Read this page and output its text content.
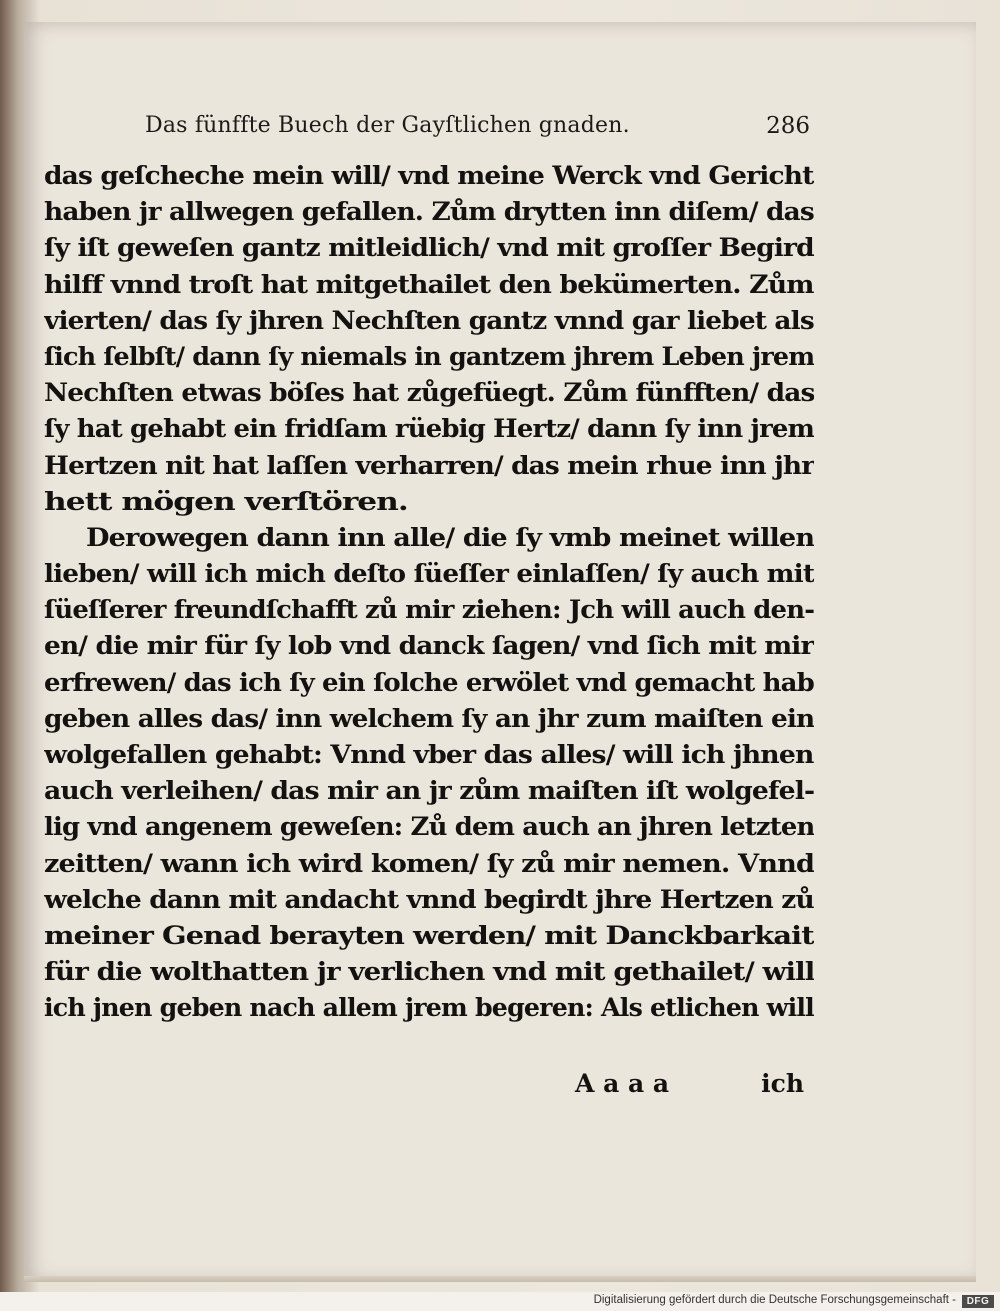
Das fünffte Buech der Gayſtlichen gnaden.	286
das geſcheche mein will/ vnd meine Werck vnd Gericht
haben jr allwegen gefallen. Zům drytten inn diſem/ das
ſy iſt geweſen gantz mitleidlich/ vnd mit groſſer Begird
hilff vnnd troſt hat mitgethailet den bekümerten. Zům
vierten/ das ſy jhren Nechſten gantz vnnd gar liebet als
ſich ſelbſt/ dann ſy niemals in gantzem jhrem Leben jrem
Nechſten etwas böſes hat zůgefüegt. Zům fünfften/ das
ſy hat gehabt ein fridſam rüebig Hertz/ dann ſy inn jrem
Hertzen nit hat laſſen verharren/ das mein rhue inn jhr
hett mögen verſtören.
Derowegen dann inn alle/ die ſy vmb meinet willen
lieben/ will ich mich deſto ſüeſſer einlaſſen/ ſy auch mit
ſüeſſerer freundſchafft zů mir ziehen: Jch will auch den-
en/ die mir für ſy lob vnd danck ſagen/ vnd ſich mit mir
erfrewen/ das ich ſy ein ſolche erwölet vnd gemacht hab
geben alles das/ inn welchem ſy an jhr zum maiſten ein
wolgefallen gehabt: Vnnd vber das alles/ will ich jhnen
auch verleihen/ das mir an jr zům maiſten iſt wolgefel-
lig vnd angenem geweſen: Zů dem auch an jhren letzten
zeitten/ wann ich wird komen/ ſy zů mir nemen. Vnnd
welche dann mit andacht vnnd begirdt jhre Hertzen zů
meiner Genad berayten werden/ mit Danckbarkait
für die wolthatten jr verlichen vnd mit gethailet/ will
ich jnen geben nach allem jrem begeren: Als etlichen will
A a a a	ich
Digitalisierung gefördert durch die Deutsche Forschungsgemeinschaft -	DFG
